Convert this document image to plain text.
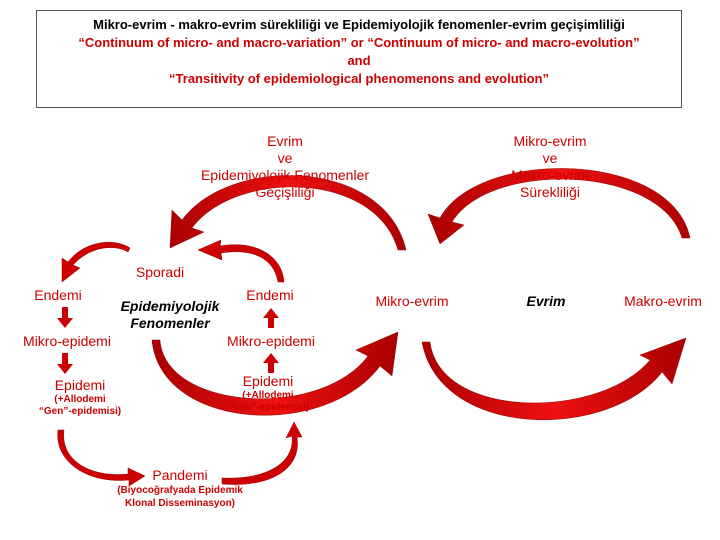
Mikro-evrim - makro-evrim sürekliliği ve Epidemiyolojik fenomenler-evrim geçişimliliği
“Continuum of micro- and macro-variation” or “Continuum of micro- and macro-evolution”
and
“Transitivity of epidemiological phenomenons and evolution”
Evrim
ve
Epidemiyolojik Fenomenler
Geçişliliği
Mikro-evrim
ve
Makro-evrim
Sürekliliği
Sporadi
Endemi	Endemi
Epidemiyolojik
Fenomenler
Mikro-epidemi	Mikro-epidemi
Epidemi
(+Allodemi
“Gen”-epidemisi)
Epidemi
(+Allodemi
“Gen”-epidemisi)
Pandemi
(Biyocoğrafyada Epidemik
Klonal Disseminasyon)
Mikro-evrim	Evrim	Makro-evrim
